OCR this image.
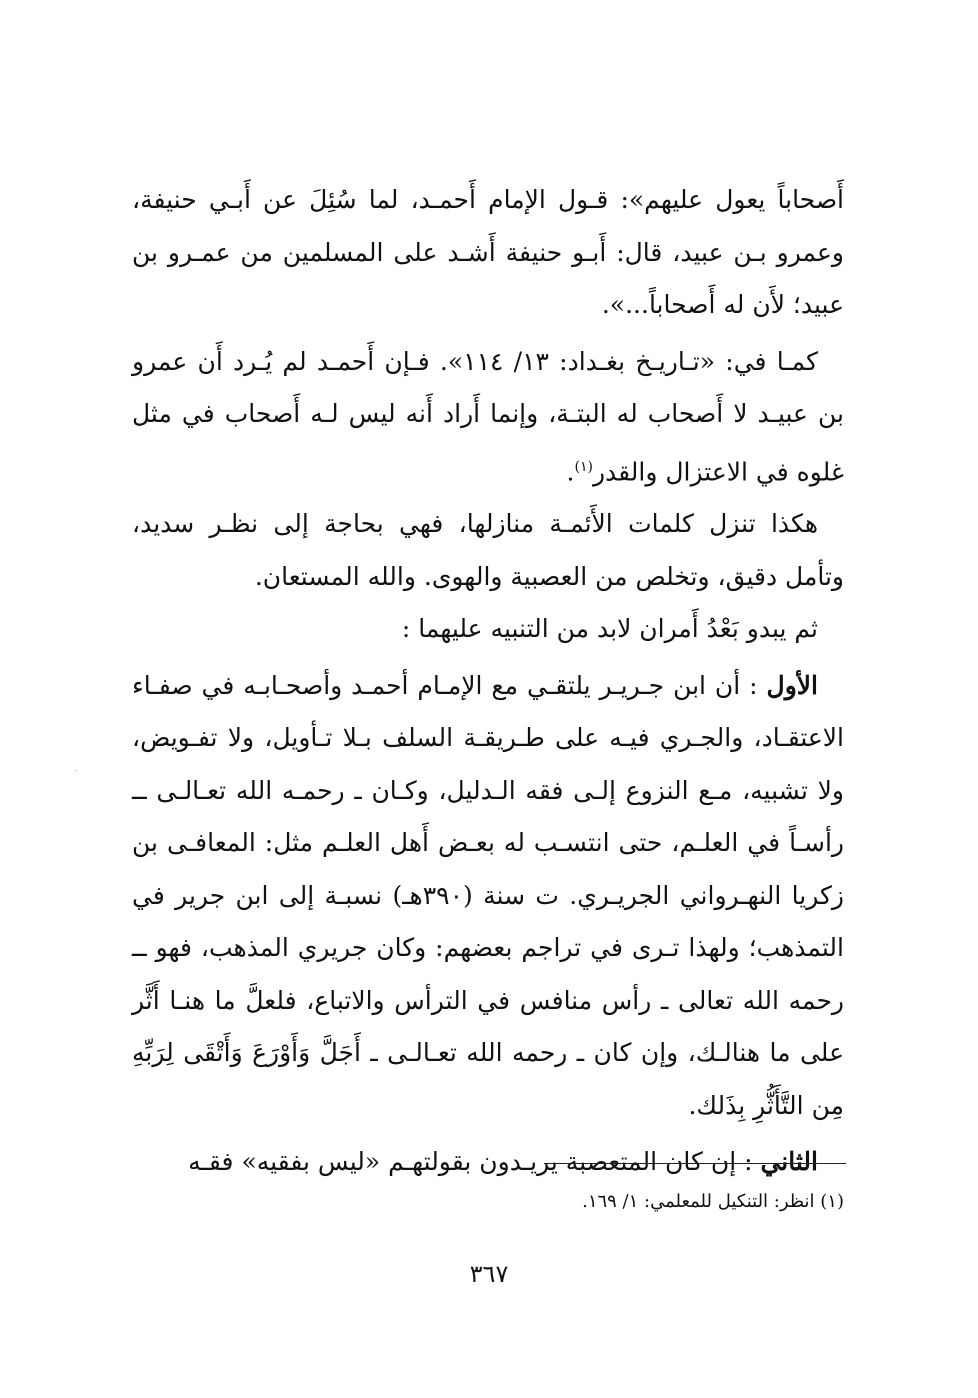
أَصحاباً يعول عليهم»: قـول الإمام أَحمـد، لما سُئِلَ عن أَبـي حنيفة، وعمرو بـن عبيد، قال: أَبـو حنيفة أَشـد على المسلمين من عمـرو بن عبيد؛ لأَن له أَصحاباً...».

كمـا في: «تـاريـخ بغـداد: ١٣/ ١١٤». فـإن أَحمـد لم يُـرد أَن عمرو بن عبيـد لا أَصحاب له البتـة، وإنما أَراد أَنه ليس لـه أَصحاب في مثل غلوه في الاعتزال والقدر$^{(١)}$.

هكذا تنزل كلمات الأَئمـة منازلها، فهي بحاجة إلى نظـر سديد، وتأمل دقيق، وتخلص من العصبية والهوى. والله المستعان.

ثم يبدو بَعْدُ أَمران لابد من التنبيه عليهما :

الأول : أن ابن جـريـر يلتقـي مع الإمـام أحمـد وأصحـابـه في صفـاء الاعتقـاد، والجـري فيـه على طـريقـة السلف بـلا تـأويل، ولا تفـويض، ولا تشبيه، مـع النزوع إلـى فقه الـدليل، وكـان ـ رحمـه الله تعـالـى ــ رأسـاً في العلـم، حتى انتسـب له بعـض أَهل العلـم مثل: المعافـى بن زكريا النهـرواني الجريـري. ت سنة (٣٩٠هـ) نسبـة إلى ابن جرير في التمذهب؛ ولهذا تـرى في تراجم بعضهم: وكان جريري المذهب، فهو ــ رحمه الله تعالى ـ رأس منافس في الترأس والاتباع، فلعلَّ ما هنـا أَثَّر على ما هنالـك، وإن كان ـ رحمه الله تعـالـى ـ أَجَلَّ وَأَوْرَعَ وَأَتْقَى لِرَبِّهِ مِن التَّأَثُّرِ بِذَلك.

الثاني : إن كان المتعصبة يريـدون بقولتهـم «ليس بفقيه» فقـه

(١) انظر: التنكيل للمعلمي: ١/ ١٦٩.
٣٦٧
